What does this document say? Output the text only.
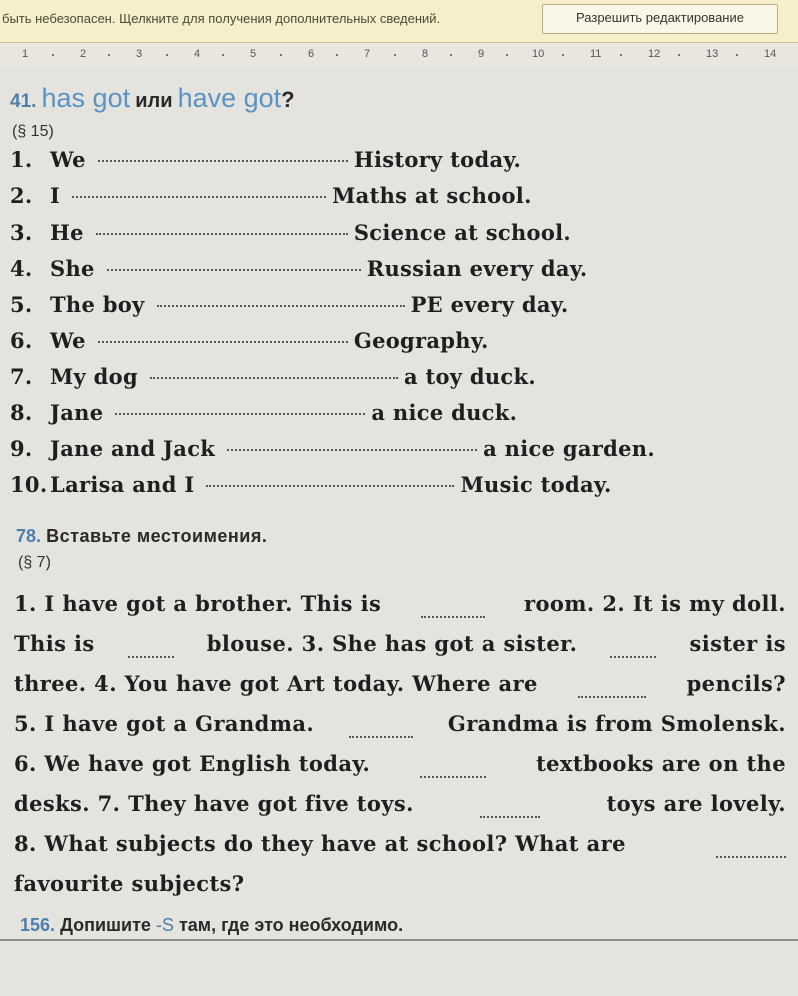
быть небезопасен. Щелкните для получения дополнительных сведений.	Разрешить редактирование
1	2	3	4	5	6	7	8	9	10	11	12	13	14
41. has got или have got?
(§ 15)
1. We	History today.
2. I	Maths at school.
3. He	Science at school.
4. She	Russian every day.
5. The boy	PE every day.
6. We	Geography.
7. My dog	a toy duck.
8. Jane	a nice duck.
9. Jane and Jack	a nice garden.
10. Larisa and I	Music today.
78. Вставьте местоимения.
(§ 7)
1. I have got a brother. This is	room. 2. It is my doll.
This is	blouse. 3. She has got a sister.	sister is
three. 4. You have got Art today. Where are	pencils?
5. I have got a Grandma.	Grandma is from Smolensk.
6. We have got English today.	textbooks are on the
desks. 7. They have got five toys.	toys are lovely.
8. What subjects do they have at school? What are
favourite subjects?
156. Допишите -S там, где это необходимо.
